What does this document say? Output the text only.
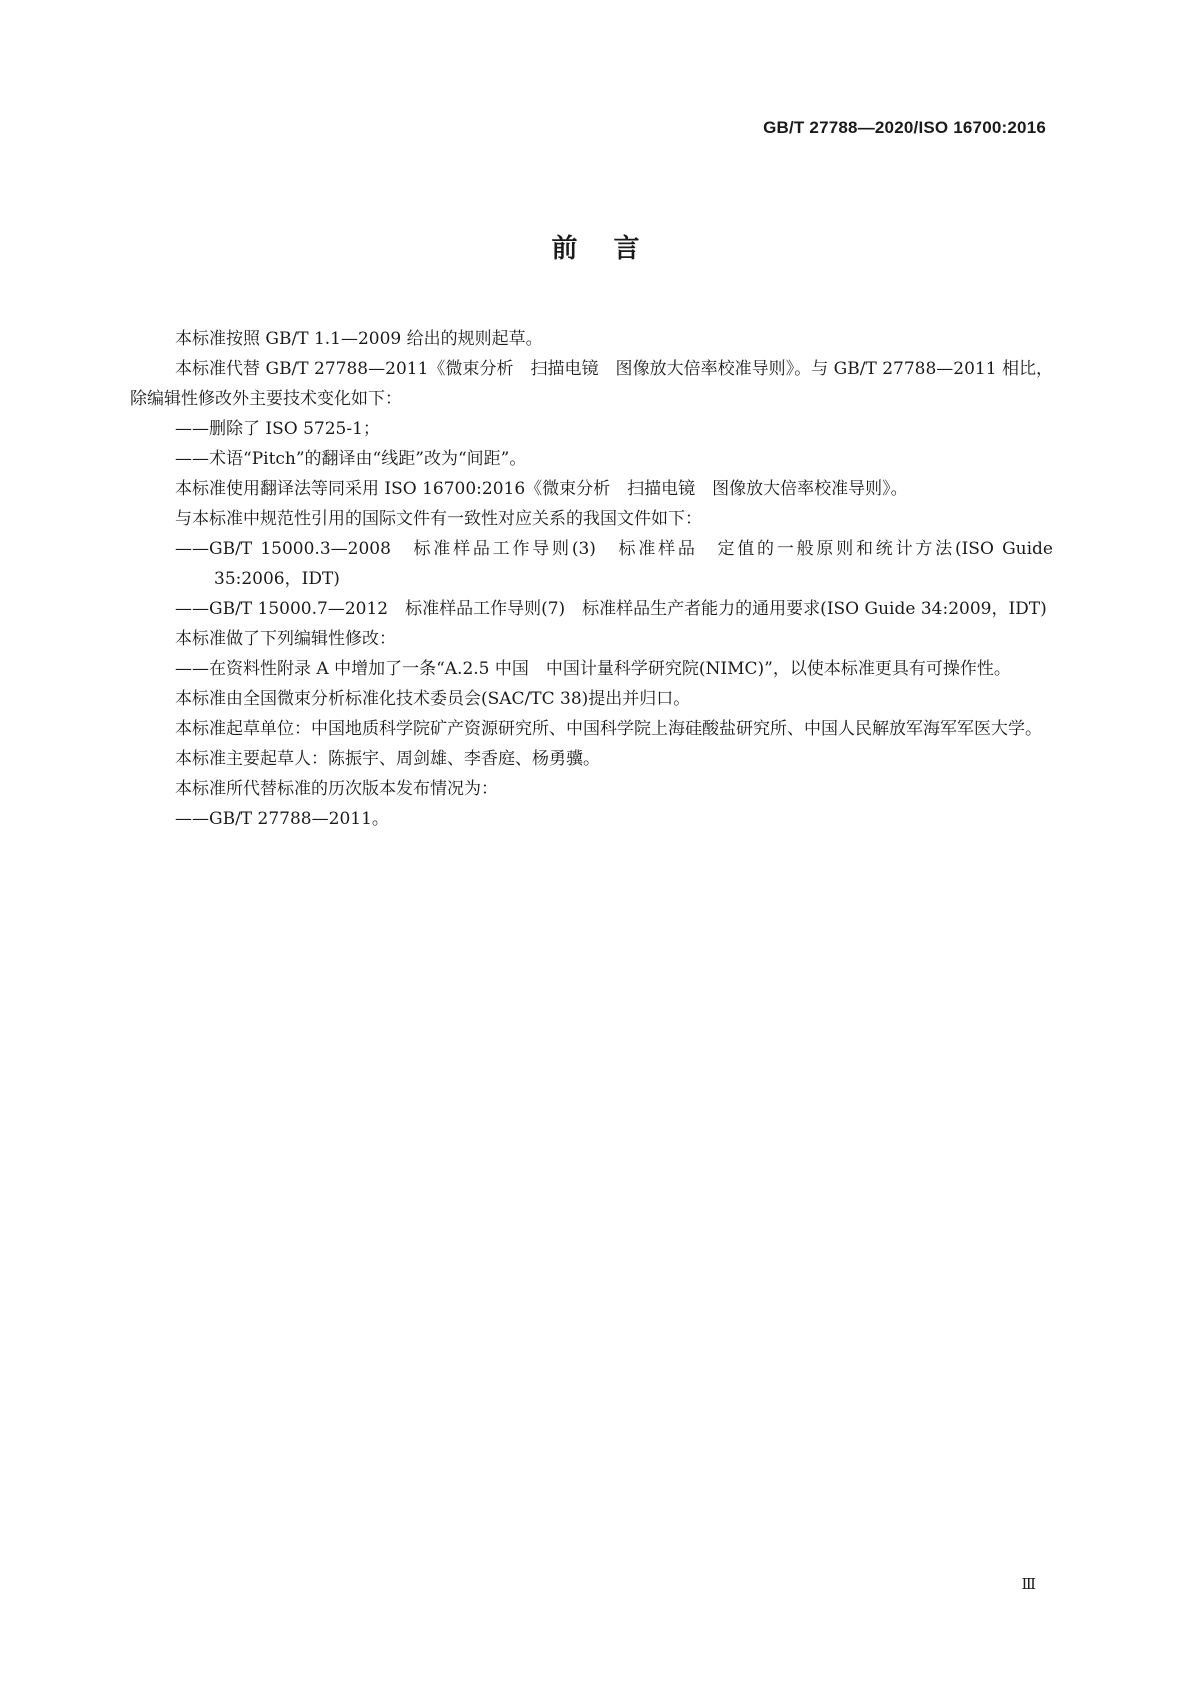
GB/T 27788—2020/ISO 16700:2016
前言

本标准按照 GB/T 1.1—2009 给出的规则起草。

本标准代替 GB/T 27788—2011《微束分析　扫描电镜　图像放大倍率校准导则》。与 GB/T 27788—2011 相比，除编辑性修改外主要技术变化如下：

——删除了 ISO 5725-1；

——术语“Pitch”的翻译由“线距”改为“间距”。

本标准使用翻译法等同采用 ISO 16700:2016《微束分析　扫描电镜　图像放大倍率校准导则》。

与本标准中规范性引用的国际文件有一致性对应关系的我国文件如下：

——GB/T 15000.3—2008　标准样品工作导则(3)　标准样品　定值的一般原则和统计方法(ISO Guide 35:2006，IDT)

——GB/T 15000.7—2012　标准样品工作导则(7)　标准样品生产者能力的通用要求(ISO Guide 34:2009，IDT)

本标准做了下列编辑性修改：

——在资料性附录 A 中增加了一条“A.2.5 中国　中国计量科学研究院(NIMC)”，以使本标准更具有可操作性。

本标准由全国微束分析标准化技术委员会(SAC/TC 38)提出并归口。

本标准起草单位：中国地质科学院矿产资源研究所、中国科学院上海硅酸盐研究所、中国人民解放军海军军医大学。

本标准主要起草人：陈振宇、周剑雄、李香庭、杨勇骥。

本标准所代替标准的历次版本发布情况为：

——GB/T 27788—2011。

Ⅲ
